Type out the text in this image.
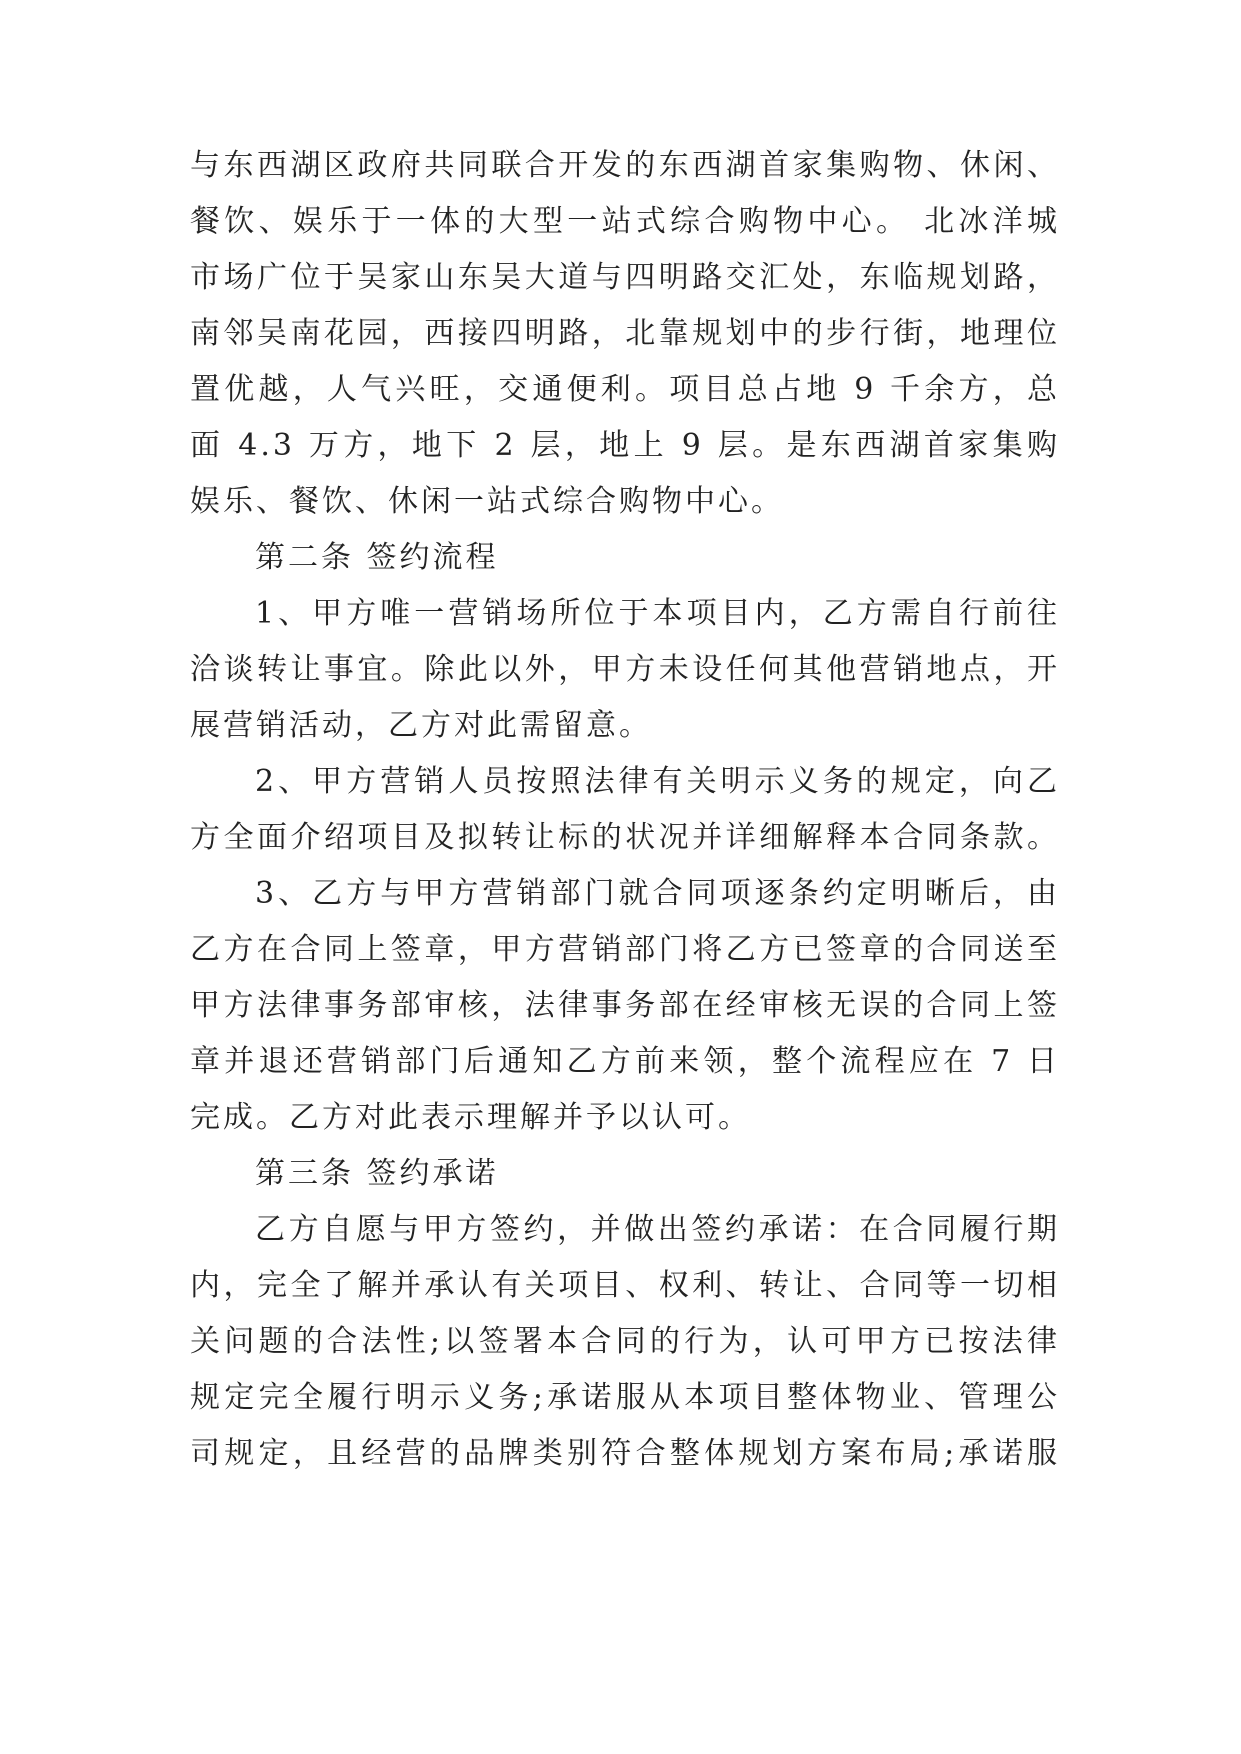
与东西湖区政府共同联合开发的东西湖首家集购物、休闲、
餐饮、娱乐于一体的大型一站式综合购物中心。 北冰洋城
市场广位于吴家山东吴大道与四明路交汇处，东临规划路，
南邻吴南花园，西接四明路，北靠规划中的步行街，地理位
置优越，人气兴旺，交通便利。项目总占地 9 千余方，总
面 4.3 万方，地下 2 层，地上 9 层。是东西湖首家集购
娱乐、餐饮、休闲一站式综合购物中心。
第二条 签约流程
1、甲方唯一营销场所位于本项目内，乙方需自行前往
洽谈转让事宜。除此以外，甲方未设任何其他营销地点，开
展营销活动，乙方对此需留意。
2、甲方营销人员按照法律有关明示义务的规定，向乙
方全面介绍项目及拟转让标的状况并详细解释本合同条款。
3、乙方与甲方营销部门就合同项逐条约定明晰后，由
乙方在合同上签章，甲方营销部门将乙方已签章的合同送至
甲方法律事务部审核，法律事务部在经审核无误的合同上签
章并退还营销部门后通知乙方前来领，整个流程应在 7 日
完成。乙方对此表示理解并予以认可。
第三条 签约承诺
乙方自愿与甲方签约，并做出签约承诺：在合同履行期
内，完全了解并承认有关项目、权利、转让、合同等一切相
关问题的合法性;以签署本合同的行为，认可甲方已按法律
规定完全履行明示义务;承诺服从本项目整体物业、管理公
司规定，且经营的品牌类别符合整体规划方案布局;承诺服
